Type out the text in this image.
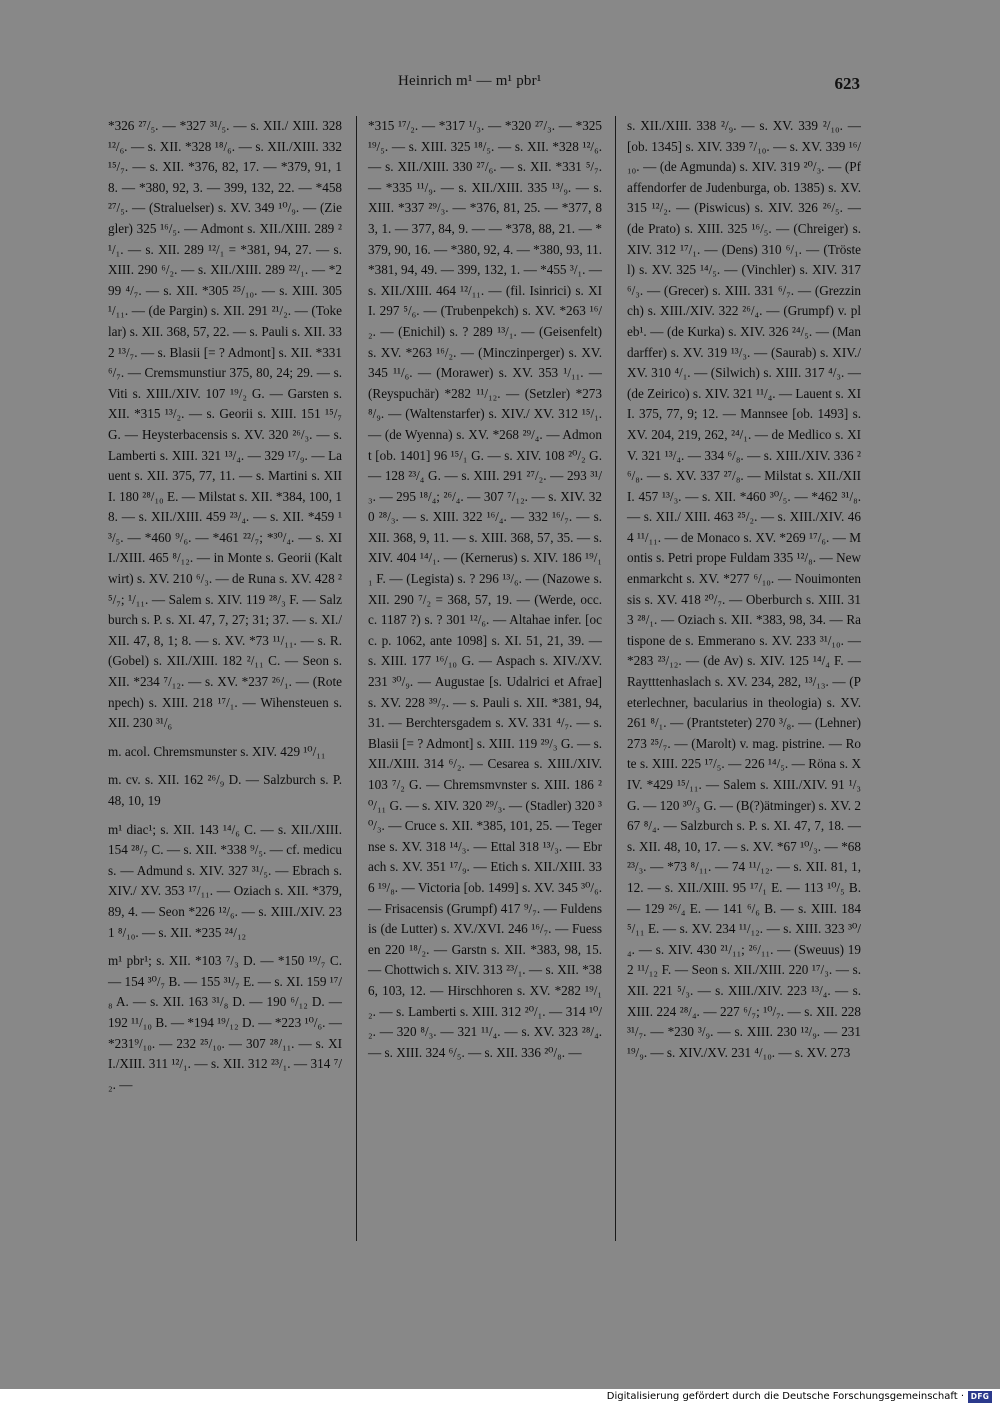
Heinrich m¹ — m¹ pbr¹	623

*326 ²⁷/₅. — *327 ³¹/₅. — s. XII./ XIII. 328 ¹²/₆. — s. XII. *328 ¹⁸/₆. — s. XII./XIII. 332 ¹⁵/₇. — s. XII. *376, 82, 17. — *379, 91, 18. — *380, 92, 3. — 399, 132, 22. — *458 ²⁷/₅. — (Straluelser) s. XV. 349 ¹⁰/₉. — (Ziegler) 325 ¹⁶/₅. — Admont s. XII./XIII. 289 ²¹/₁. — s. XII. 289 ¹²/₁ = *381, 94, 27. — s. XIII. 290 ⁶/₂. — s. XII./XIII. 289 ²²/₁. — *299 ⁴/₇. — s. XII. *305 ²⁵/₁₀. — s. XIII. 305 ¹/₁₁. — (de Pargin) s. XII. 291 ²¹/₂. — (Tokelar) s. XII. 368, 57, 22. — s. Pauli s. XII. 332 ¹³/₇. — s. Blasii [= ? Admont] s. XII. *331 ⁶/₇. — Cremsmunstiur 375, 80, 24; 29. — s. Viti s. XIII./XIV. 107 ¹⁹/₂ G. — Garsten s. XII. *315 ¹³/₂. — s. Georii s. XIII. 151 ¹⁵/₇ G. — Heysterbacensis s. XV. 320 ²⁶/₃. — s. Lamberti s. XIII. 321 ¹³/₄. — 329 ¹⁷/₉. — Lauent s. XII. 375, 77, 11. — s. Martini s. XIII. 180 ²⁸/₁₀ E. — Milstat s. XII. *384, 100, 18. — s. XII./XIII. 459 ²³/₄. — s. XII. *459 ¹³/₅. — *460 ⁹/₆. — *461 ²²/₇; *³⁰/₄. — s. XII./XIII. 465 ⁸/₁₂. — in Monte s. Georii (Kaltwirt) s. XV. 210 ⁶/₃. — de Runa s. XV. 428 ²⁵/₇; ¹/₁₁. — Salem s. XIV. 119 ²⁸/₃ F. — Salzburch s. P. s. XI. 47, 7, 27; 31; 37. — s. XI./XII. 47, 8, 1; 8. — s. XV. *73 ¹¹/₁₁. — s. R. (Gobel) s. XII./XIII. 182 ²/₁₁ C. — Seon s. XII. *234 ⁷/₁₂. — s. XV. *237 ²⁶/₁. — (Rotenpech) s. XIII. 218 ¹⁷/₁. — Wihensteuen s. XII. 230 ³¹/₆

m. acol. Chremsmunster s. XIV. 429 ¹⁰/₁₁

m. cv. s. XII. 162 ²⁶/₉ D. — Salzburch s. P. 48, 10, 19

m¹ diac¹; s. XII. 143 ¹⁴/₆ C. — s. XII./XIII. 154 ²⁸/₇ C. — s. XII. *338 ⁹/₅. — cf. medicus. — Admund s. XIV. 327 ³¹/₅. — Ebrach s. XIV./ XV. 353 ¹⁷/₁₁. — Oziach s. XII. *379, 89, 4. — Seon *226 ¹²/₆. — s. XIII./XIV. 231 ⁸/₁₀. — s. XII. *235 ²⁴/₁₂

m¹ pbr¹; s. XII. *103 ⁷/₃ D. — *150 ¹⁹/₇ C. — 154 ³⁰/₇ B. — 155 ³¹/₇ E. — s. XI. 159 ¹⁷/₈ A. — s. XII. 163 ³¹/₈ D. — 190 ⁶/₁₂ D. — 192 ¹¹/₁₀ B. — *194 ¹⁹/₁₂ D. — *223 ¹⁰/₆. — *231⁹/₁₀. — 232 ²⁵/₁₀. — 307 ²⁸/₁₁. — s. XII./XIII. 311 ¹²/₁. — s. XII. 312 ²³/₁. — 314 ⁷/₂. —

*315 ¹⁷/₂. — *317 ¹/₃. — *320 ²⁷/₃. — *325 ¹⁹/₅. — s. XIII. 325 ¹⁸/₅. — s. XII. *328 ¹²/₆. — s. XII./XIII. 330 ²⁷/₆. — s. XII. *331 ⁵/₇. — *335 ¹¹/₉. — s. XII./XIII. 335 ¹³/₉. — s. XIII. *337 ²⁹/₃. — *376, 81, 25. — *377, 83, 1. — 377, 84, 9. — — *378, 88, 21. — *379, 90, 16. — *380, 92, 4. — *380, 93, 11. *381, 94, 49. — 399, 132, 1. — *455 ³/₁. — s. XII./XIII. 464 ¹²/₁₁. — (fil. Isinrici) s. XII. 297 ⁵/₆. — (Trubenpekch) s. XV. *263 ¹⁶/₂. — (Enichil) s. ? 289 ¹³/₁. — (Geisenfelt) s. XV. *263 ¹⁶/₂. — (Minczinperger) s. XV. 345 ¹¹/₆. — (Morawer) s. XV. 353 ¹/₁₁. — (Reyspuchär) *282 ¹¹/₁₂. — (Setzler) *273 ⁸/₉. — (Waltenstarfer) s. XIV./ XV. 312 ¹⁵/₁. — (de Wyenna) s. XV. *268 ²⁹/₄. — Admont [ob. 1401] 96 ¹⁵/₁ G. — s. XIV. 108 ²⁰/₂ G. — 128 ²³/₄ G. — s. XIII. 291 ²⁷/₂. — 293 ³¹/₃. — 295 ¹⁸/₄; ²⁶/₄. — 307 ⁷/₁₂. — s. XIV. 320 ²⁸/₃. — s. XIII. 322 ¹⁶/₄. — 332 ¹⁶/₇. — s. XII. 368, 9, 11. — s. XIII. 368, 57, 35. — s. XIV. 404 ¹⁴/₁. — (Kernerus) s. XIV. 186 ¹⁹/₁₁ F. — (Legista) s. ? 296 ¹³/₆. — (Nazowe s. XII. 290 ⁷/₂ = 368, 57, 19. — (Werde, occ. c. 1187 ?) s. ? 301 ¹²/₆. — Altahae infer. [occ. p. 1062, ante 1098] s. XI. 51, 21, 39. — s. XIII. 177 ¹⁶/₁₀ G. — Aspach s. XIV./XV. 231 ³⁰/₉. — Augustae [s. Udalrici et Afrae] s. XV. 228 ³⁹/₇. — s. Pauli s. XII. *381, 94, 31. — Berchtersgadem s. XV. 331 ⁴/₇. — s. Blasii [= ? Admont] s. XIII. 119 ²⁹/₃ G. — s. XII./XIII. 314 ⁶/₂. — Cesarea s. XIII./XIV. 103 ⁷/₂ G. — Chremsmvnster s. XIII. 186 ²⁰/₁₁ G. — s. XIV. 320 ²⁹/₃. — (Stadler) 320 ³⁰/₃. — Cruce s. XII. *385, 101, 25. — Tegernse s. XV. 318 ¹⁴/₃. — Ettal 318 ¹³/₃. — Ebrach s. XV. 351 ¹⁷/₉. — Etich s. XII./XIII. 336 ¹⁹/₈. — Victoria [ob. 1499] s. XV. 345 ³⁰/₆. — Frisacensis (Grumpf) 417 ⁹/₇. — Fuldensis (de Lutter) s. XV./XVI. 246 ¹⁶/₇. — Fuessen 220 ¹⁸/₂. — Garstn s. XII. *383, 98, 15. — Chottwich s. XIV. 313 ²³/₁. — s. XII. *386, 103, 12. — Hirschhoren s. XV. *282 ¹⁹/₁₂. — s. Lamberti s. XIII. 312 ²⁰/₁. — 314 ¹⁰/₂. — 320 ⁸/₃. — 321 ¹¹/₄. — s. XV. 323 ²⁸/₄. — s. XIII. 324 ⁶/₅. — s. XII. 336 ²⁰/₈. —

s. XII./XIII. 338 ²/₉. — s. XV. 339 ²/₁₀. — [ob. 1345] s. XIV. 339 ⁷/₁₀. — s. XV. 339 ¹⁶/₁₀. — (de Agmunda) s. XIV. 319 ²⁰/₃. — (Pfaffendorfer de Judenburga, ob. 1385) s. XV. 315 ¹²/₂. — (Piswicus) s. XIV. 326 ²⁶/₅. — (de Prato) s. XIII. 325 ¹⁶/₅. — (Chreiger) s. XIV. 312 ¹⁷/₁. — (Dens) 310 ⁶/₁. — (Tröstel) s. XV. 325 ¹⁴/₅. — (Vinchler) s. XIV. 317 ⁶/₃. — (Grecer) s. XIII. 331 ⁶/₇. — (Grezzinch) s. XIII./XIV. 322 ²⁶/₄. — (Grumpf) v. pleb¹. — (de Kurka) s. XIV. 326 ²⁴/₅. — (Mandarffer) s. XV. 319 ¹³/₃. — (Saurab) s. XIV./XV. 310 ⁴/₁. — (Silwich) s. XIII. 317 ⁴/₃. — (de Zeirico) s. XIV. 321 ¹¹/₄. — Lauent s. XII. 375, 77, 9; 12. — Mannsee [ob. 1493] s. XV. 204, 219, 262, ²⁴/₁. — de Medlico s. XIV. 321 ¹³/₄. — 334 ⁶/₈. — s. XIII./XIV. 336 ²⁶/₈. — s. XV. 337 ²⁷/₈. — Milstat s. XII./XIII. 457 ¹³/₃. — s. XII. *460 ³⁰/₅. — *462 ³¹/₈. — s. XII./ XIII. 463 ²⁵/₂. — s. XIII./XIV. 464 ¹¹/₁₁. — de Monaco s. XV. *269 ¹⁷/₆. — Montis s. Petri prope Fuldam 335 ¹²/₈. — Newenmarkcht s. XV. *277 ⁶/₁₀. — Nouimontensis s. XV. 418 ²⁰/₇. — Oberburch s. XIII. 313 ²⁸/₁. — Oziach s. XII. *383, 98, 34. — Ratispone de s. Emmerano s. XV. 233 ³¹/₁₀. — *283 ²³/₁₂. — (de Av) s. XIV. 125 ¹⁴/₄ F. — Raytttenhaslach s. XV. 234, 282, ¹³/₁₃. — (Peterlechner, bacularius in theologia) s. XV. 261 ⁸/₁. — (Prantsteter) 270 ³/₈. — (Lehner) 273 ²⁵/₇. — (Marolt) v. mag. pistrine. — Rote s. XIII. 225 ¹⁷/₅. — 226 ¹⁴/₅. — Röna s. XIV. *429 ¹⁵/₁₁. — Salem s. XIII./XIV. 91 ¹/₃ G. — 120 ³⁰/₃ G. — (B(?)ätminger) s. XV. 267 ⁸/₄. — Salzburch s. P. s. XI. 47, 7, 18. — s. XII. 48, 10, 17. — s. XV. *67 ¹⁰/₃. — *68 ²³/₃. — *73 ⁸/₁₁. — 74 ¹¹/₁₂. — s. XII. 81, 1, 12. — s. XII./XIII. 95 ¹⁷/₁ E. — 113 ¹⁰/₅ B. — 129 ²⁶/₄ E. — 141 ⁶/₆ B. — s. XIII. 184 ⁵/₁₁ E. — s. XV. 234 ¹¹/₁₂. — s. XIII. 323 ³⁰/₄. — s. XIV. 430 ²¹/₁₁; ²⁶/₁₁. — (Sweuus) 192 ¹¹/₁₂ F. — Seon s. XII./XIII. 220 ¹⁷/₃. — s. XII. 221 ⁵/₃. — s. XIII./XIV. 223 ¹³/₄. — s. XIII. 224 ²⁸/₄. — 227 ⁶/₇; ¹⁰/₇. — s. XII. 228 ³¹/₇. — *230 ³/₉. — s. XIII. 230 ¹²/₉. — 231 ¹⁹/₉. — s. XIV./XV. 231 ⁴/₁₀. — s. XV. 273

Digitalisierung gefördert durch die Deutsche Forschungsgemeinschaft · DFG
